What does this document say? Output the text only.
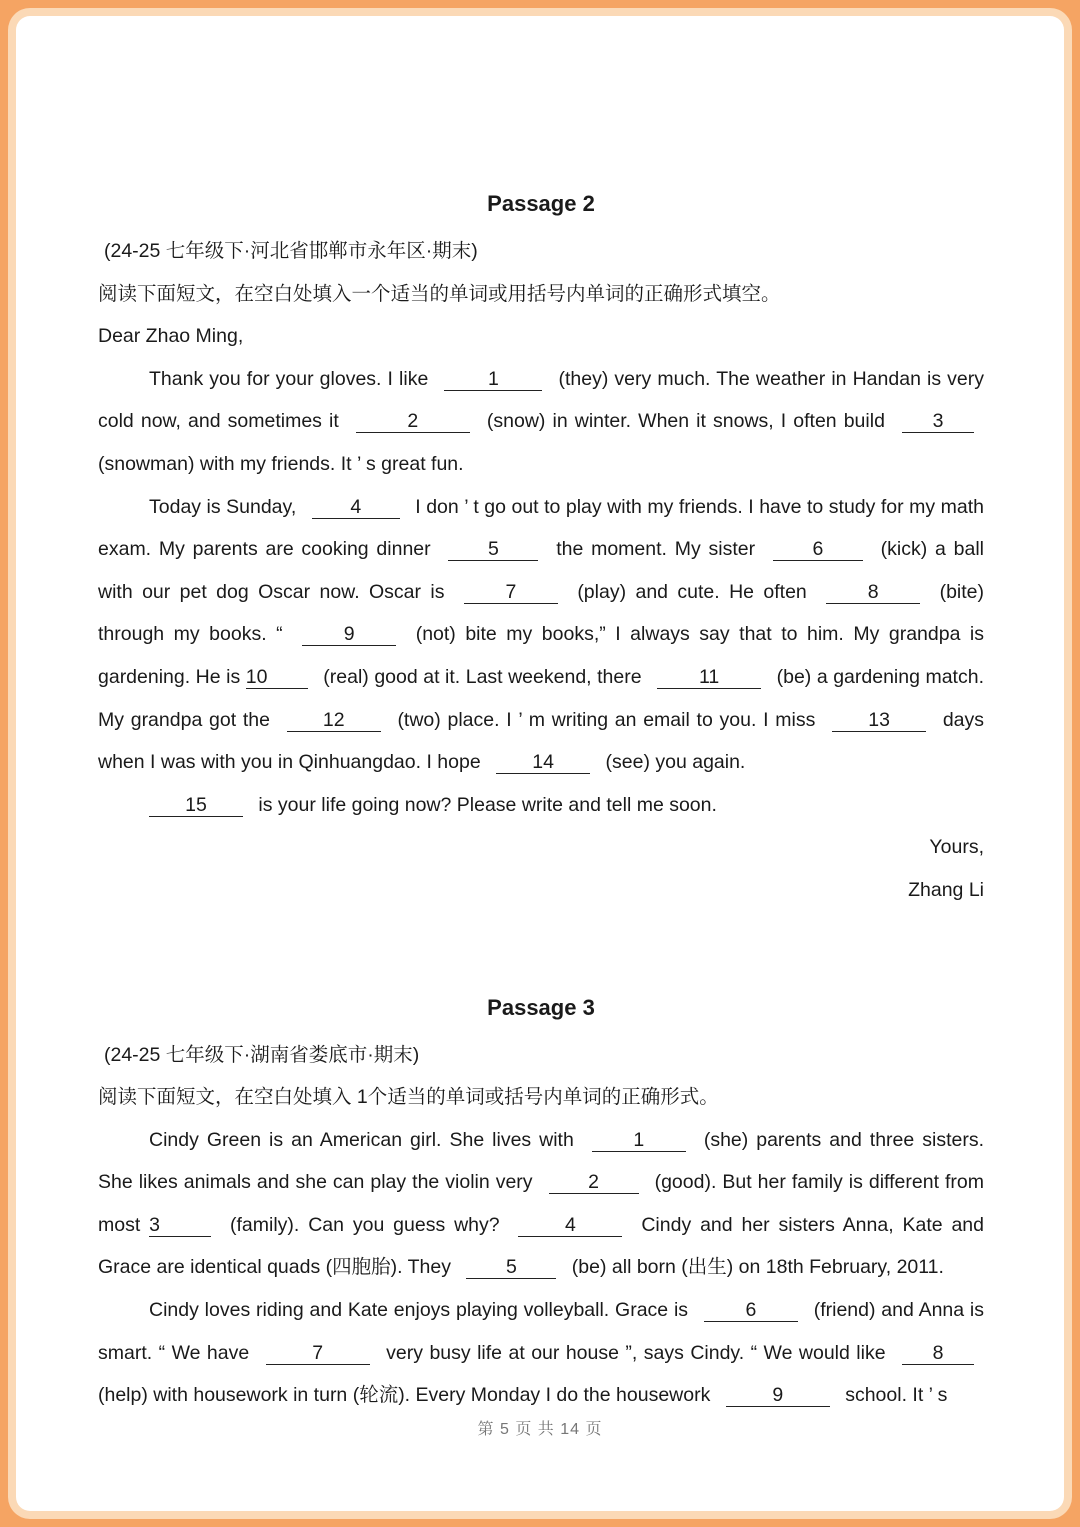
Passage 2

(24-25 七年级下·河北省邯郸市永年区·期末)

阅读下面短文，在空白处填入一个适当的单词或用括号内单词的正确形式填空。

Dear Zhao Ming,

Thank you for your gloves. I like	1	(they) very much. The weather in Handan is very cold now, and sometimes it	2	(snow) in winter. When it snows, I often build 3 (snowman) with my friends. It ’ s great fun.

Today is Sunday,	4	I don ’ t go out to play with my friends. I have to study for my math exam. My parents are cooking dinner	5	the moment. My sister	6	(kick) a ball with our pet dog Oscar now. Oscar is	7	(play) and cute. He often	8	(bite) through my books. “	9	(not) bite my books,” I always say that to him. My grandpa is gardening. He is 10	(real) good at it. Last weekend, there	11	(be) a gardening match. My grandpa got the	12	(two) place. I ’ m writing an email to you. I miss	13	days when I was with you in Qinhuangdao. I hope	14	(see) you again.

15	is your life going now? Please write and tell me soon.

Yours,

Zhang Li

Passage 3

(24-25 七年级下·湖南省娄底市·期末)

阅读下面短文，在空白处填入 1个适当的单词或括号内单词的正确形式。

Cindy Green is an American girl. She lives with	1	(she) parents and three sisters. She likes animals and she can play the violin very	2	(good). But her family is different from most 3	(family). Can you guess why?	4	Cindy and her sisters Anna, Kate and Grace are identical quads (四胞胎). They	5	(be) all born (出生) on 18th February, 2011.

Cindy loves riding and Kate enjoys playing volleyball. Grace is	6	(friend) and Anna is smart. “ We have	7	very busy life at our house ”, says Cindy. “ We would like 8 (help) with housework in turn (轮流). Every Monday I do the housework	9	school. It ’ s

第 5 页 共 14 页
